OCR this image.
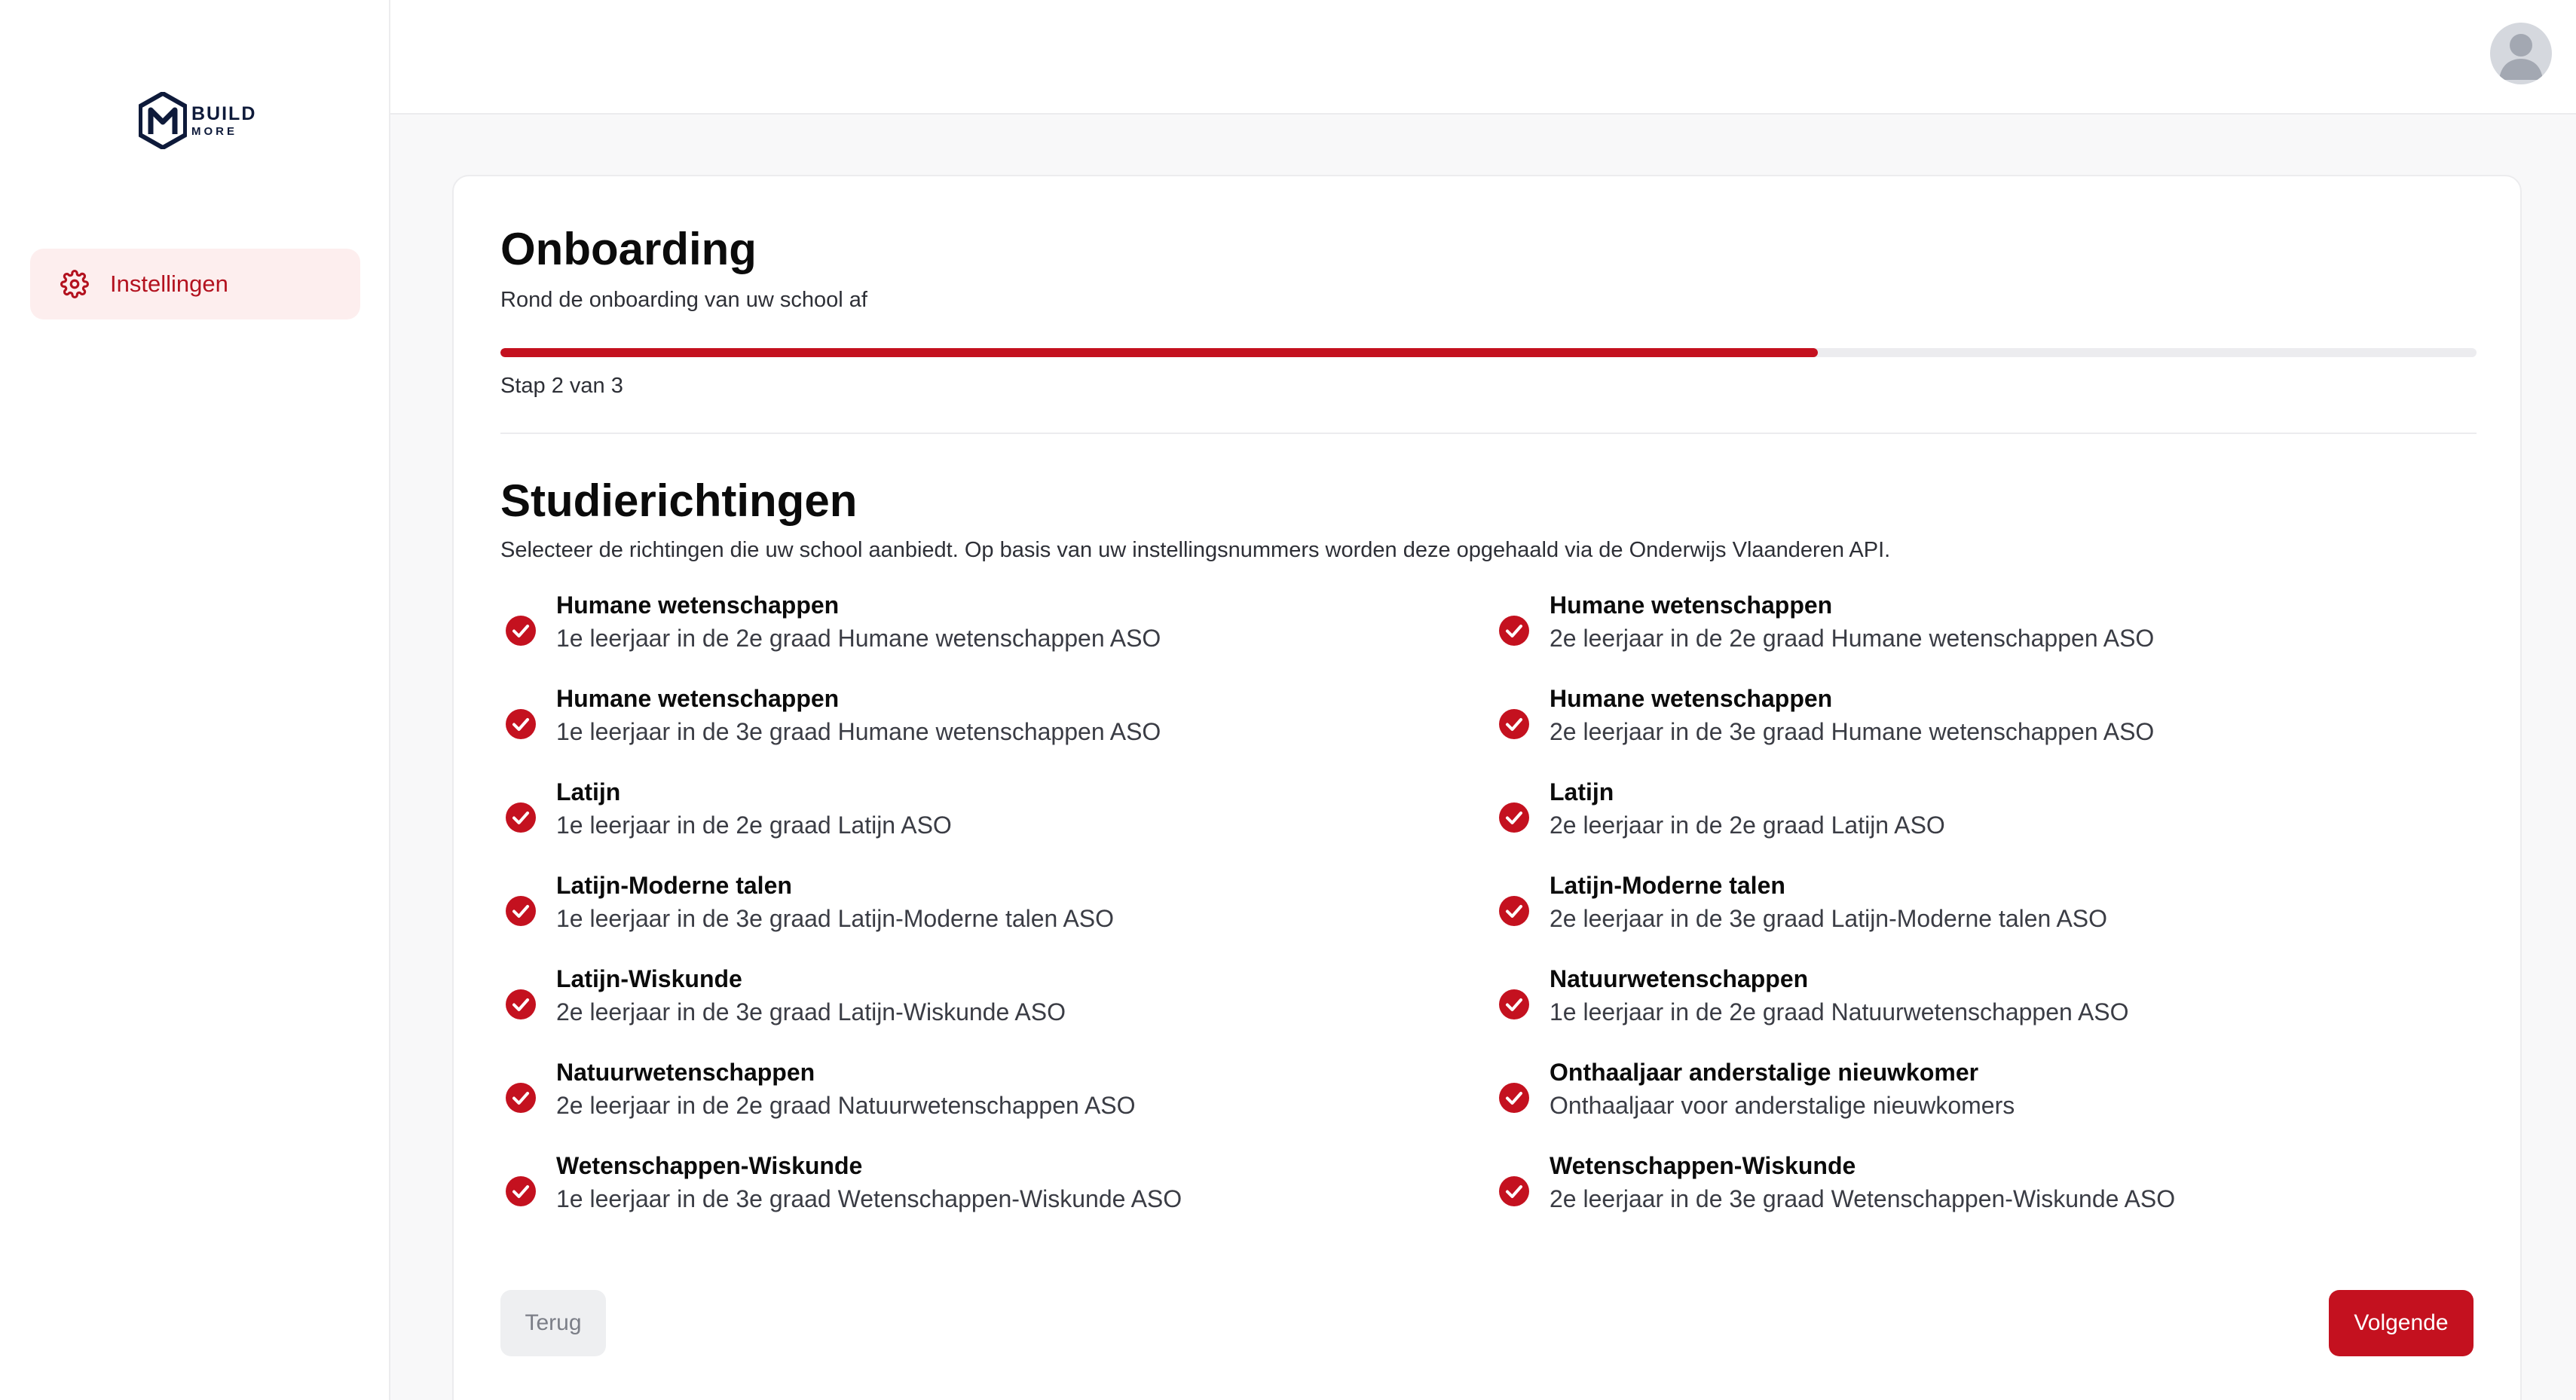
BUILD
MORE
Instellingen
Onboarding

Rond de onboarding van uw school af

Stap 2 van 3

Studierichtingen

Selecteer de richtingen die uw school aanbiedt. Op basis van uw instellingsnummers worden deze opgehaald via de Onderwijs Vlaanderen API.

Humane wetenschappen
1e leerjaar in de 2e graad Humane wetenschappen ASO
Humane wetenschappen
2e leerjaar in de 2e graad Humane wetenschappen ASO
Humane wetenschappen
1e leerjaar in de 3e graad Humane wetenschappen ASO
Humane wetenschappen
2e leerjaar in de 3e graad Humane wetenschappen ASO
Latijn
1e leerjaar in de 2e graad Latijn ASO
Latijn
2e leerjaar in de 2e graad Latijn ASO
Latijn-Moderne talen
1e leerjaar in de 3e graad Latijn-Moderne talen ASO
Latijn-Moderne talen
2e leerjaar in de 3e graad Latijn-Moderne talen ASO
Latijn-Wiskunde
2e leerjaar in de 3e graad Latijn-Wiskunde ASO
Natuurwetenschappen
1e leerjaar in de 2e graad Natuurwetenschappen ASO
Natuurwetenschappen
2e leerjaar in de 2e graad Natuurwetenschappen ASO
Onthaaljaar anderstalige nieuwkomer
Onthaaljaar voor anderstalige nieuwkomers
Wetenschappen-Wiskunde
1e leerjaar in de 3e graad Wetenschappen-Wiskunde ASO
Wetenschappen-Wiskunde
2e leerjaar in de 3e graad Wetenschappen-Wiskunde ASO
Terug	Volgende
